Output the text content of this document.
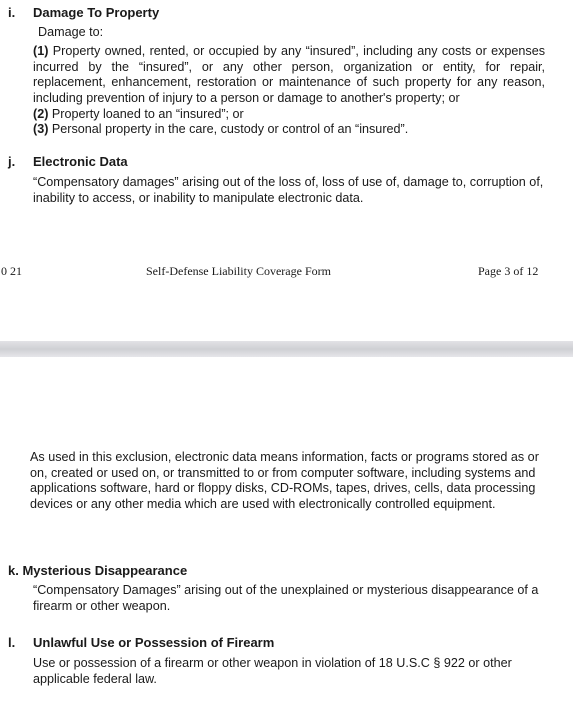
i. Damage To Property
Damage to:
(1) Property owned, rented, or occupied by any “insured”, including any costs or expenses incurred by the “insured”, or any other person, organization or entity, for repair, replacement, enhancement, restoration or maintenance of such property for any reason, including prevention of injury to a person or damage to another's property; or
(2) Property loaned to an “insured”; or
(3) Personal property in the care, custody or control of an “insured”.
j. Electronic Data
“Compensatory damages” arising out of the loss of, loss of use of, damage to, corruption of, inability to access, or inability to manipulate electronic data.
0 21	Self-Defense Liability Coverage Form	Page 3 of 12
As used in this exclusion, electronic data means information, facts or programs stored as or on, created or used on, or transmitted to or from computer software, including systems and applications software, hard or floppy disks, CD-ROMs, tapes, drives, cells, data processing devices or any other media which are used with electronically controlled equipment.
k. Mysterious Disappearance
“Compensatory Damages” arising out of the unexplained or mysterious disappearance of a firearm or other weapon.
l. Unlawful Use or Possession of Firearm
Use or possession of a firearm or other weapon in violation of 18 U.S.C § 922 or other applicable federal law.
